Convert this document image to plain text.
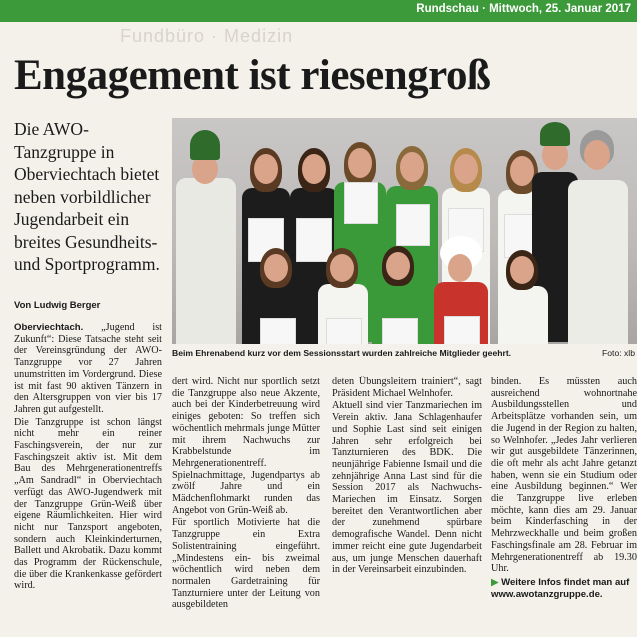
Rundschau · Mittwoch, 25. Januar 2017
Fundbüro · Medizin
Engagement ist riesengroß
Die AWO-Tanzgruppe in Oberviechtach bietet neben vorbildlicher Jugendarbeit ein breites Gesundheits- und Sportprogramm.
Von Ludwig Berger
Beim Ehrenabend kurz vor dem Sessionsstart wurden zahlreiche Mitglieder geehrt.	Foto: xlb

Oberviechtach. „Jugend ist Zukunft“: Diese Tatsache steht seit der Vereinsgründung der AWO-Tanzgruppe vor 27 Jahren unumstritten im Vordergrund. Diese ist mit fast 90 aktiven Tänzern in den Altersgruppen von vier bis 17 Jahren gut aufgestellt.

Die Tanzgruppe ist schon längst nicht mehr ein reiner Faschingsverein, der nur zur Faschingszeit aktiv ist. Mit dem Bau des Mehrgenerationentreffs „Am Sandradl“ in Oberviechtach verfügt das AWO-Jugendwerk mit der Tanzgruppe Grün-Weiß über eigene Räumlichkeiten. Hier wird nicht nur Tanzsport angeboten, sondern auch Kleinkinderturnen, Ballett und Akrobatik. Dazu kommt das Programm der Rückenschule, die über die Krankenkasse gefördert wird.

dert wird. Nicht nur sportlich setzt die Tanzgruppe also neue Akzente, auch bei der Kinderbetreuung wird einiges geboten: So treffen sich wöchentlich mehrmals junge Mütter mit ihrem Nachwuchs zur Krabbelstunde im Mehrgenerationentreff. Spielnachmittage, Jugendpartys ab zwölf Jahre und ein Mädchenflohmarkt runden das Angebot von Grün-Weiß ab.

Für sportlich Motivierte hat die Tanzgruppe ein Extra Solistentraining eingeführt. „Mindestens ein- bis zweimal wöchentlich wird neben dem normalen Gardetraining für Tanzturniere unter der Leitung von ausgebildeten

deten Übungsleitern trainiert“, sagt Präsident Michael Welnhofer.

Aktuell sind vier Tanzmariechen im Verein aktiv. Jana Schlagenhaufer und Sophie Last sind seit einigen Jahren sehr erfolgreich bei Tanzturnieren des BDK. Die neunjährige Fabienne Ismail und die zehnjährige Anna Last sind für die Session 2017 als Nachwuchs-Mariechen im Einsatz. Sorgen bereitet den Verantwortlichen aber der zunehmend spürbare demografische Wandel. Denn nicht immer reicht eine gute Jugendarbeit aus, um junge Menschen dauerhaft in der Vereinsarbeit einzubinden.

binden. Es müssten auch ausreichend wohnortnahe Ausbildungsstellen und Arbeitsplätze vorhanden sein, um die Jugend in der Region zu halten, so Welnhofer. „Jedes Jahr verlieren wir gut ausgebildete Tänzerinnen, die oft mehr als acht Jahre getanzt haben, wenn sie ein Studium oder eine Ausbildung beginnen.“ Wer die Tanzgruppe live erleben möchte, kann dies am 29. Januar beim Kinderfasching in der Mehrzweckhalle und beim großen Faschingsfinale am 28. Februar im Mehrgenerationentreff ab 19.30 Uhr.

▶ Weitere Infos findet man auf
www.awotanzgruppe.de.
